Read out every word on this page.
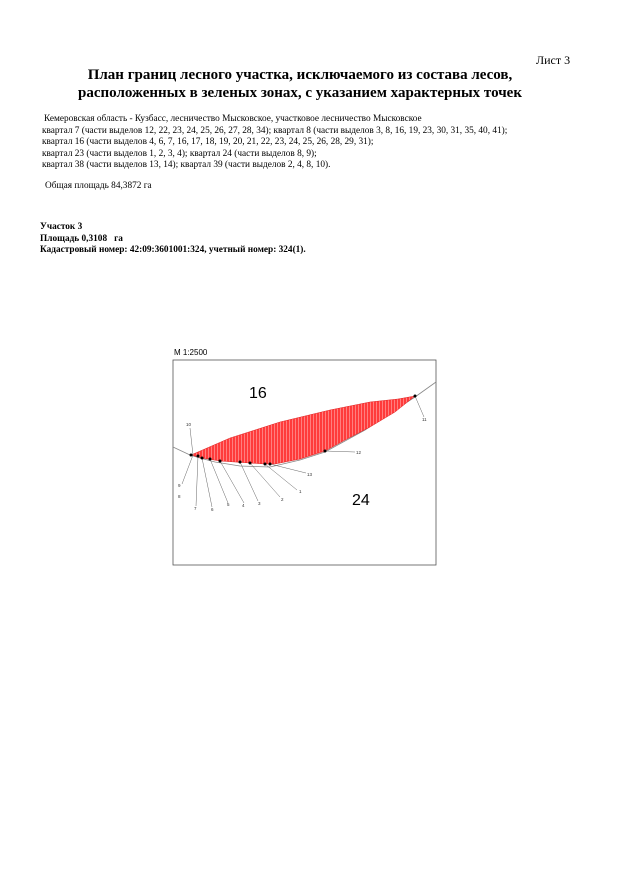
Лист 3
План границ лесного участка, исключаемого из состава лесов,
расположенных в зеленых зонах, с указанием характерных точек
Кемеровская область - Кузбасс, лесничество Мысковское, участковое лесничество Мысковское
квартал 7 (части выделов 12, 22, 23, 24, 25, 26, 27, 28, 34); квартал 8 (части выделов 3, 8, 16, 19, 23, 30, 31, 35, 40, 41);
квартал 16 (части выделов 4, 6, 7, 16, 17, 18, 19, 20, 21, 22, 23, 24, 25, 26, 28, 29, 31);
квартал 23 (части выделов 1, 2, 3, 4); квартал 24 (части выделов 8, 9);
квартал 38 (части выделов 13, 14); квартал 39 (части выделов 2, 4, 8, 10).
Общая площадь 84,3872 га
Участок 3
Площадь 0,3108   га
Кадастровый номер: 42:09:3601001:324, учетный номер: 324(1).
М 1:2500
16
24
1
2
3
4
5
6
7
8
9
10
11
12
13
